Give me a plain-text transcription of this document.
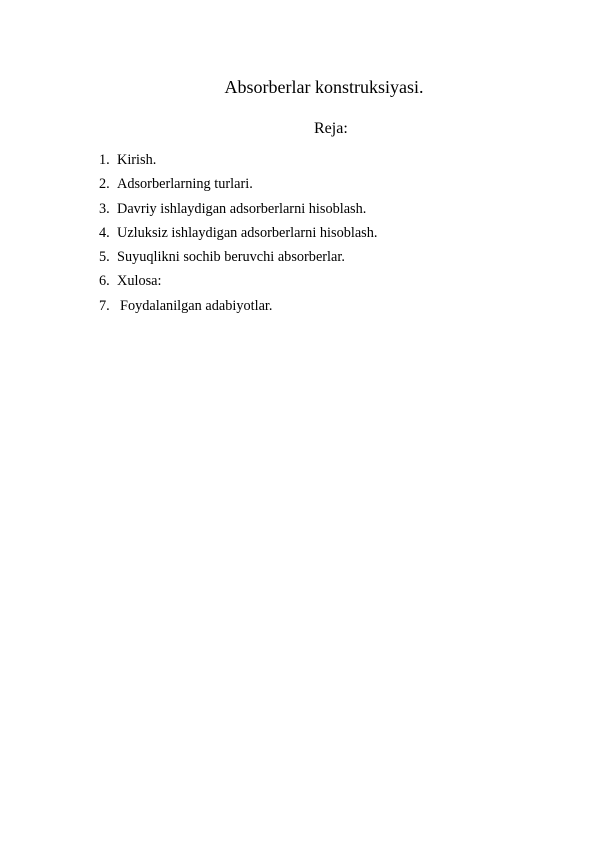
Absorberlar konstruksiyasi.

Reja:

1. Kirish.
2. Adsorberlarning turlari.
3. Davriy ishlaydigan adsorberlarni hisoblash.
4. Uzluksiz ishlaydigan adsorberlarni hisoblash.
5. Suyuqlikni sochib beruvchi absorberlar.
6. Xulosa:
7. Foydalanilgan adabiyotlar.
